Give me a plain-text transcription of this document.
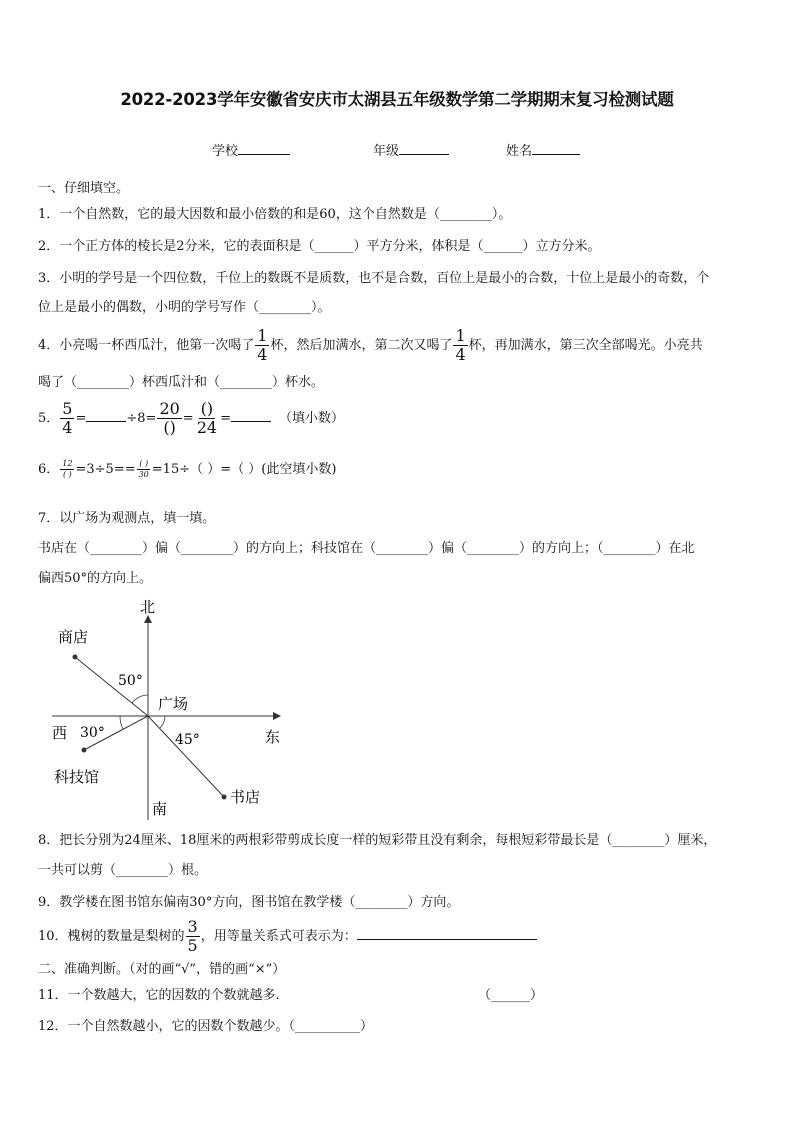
2022-2023学年安徽省安庆市太湖县五年级数学第二学期期末复习检测试题
学校	年级	姓名
一、仔细填空。
1．一个自然数，它的最大因数和最小倍数的和是60，这个自然数是（________）。
2．一个正方体的棱长是2分米，它的表面积是（______）平方分米，体积是（______）立方分米。
3．小明的学号是一个四位数，千位上的数既不是质数，也不是合数，百位上是最小的合数，十位上是最小的奇数，个
位上是最小的偶数，小明的学号写作（________）。
4．小亮喝一杯西瓜汁，他第一次喝了 $\frac{1}{4}$ 杯，然后加满水，第二次又喝了 $\frac{1}{4}$ 杯，再加满水，第三次全部喝光。小亮共
喝了（________）杯西瓜汁和（________）杯水。
5． $\frac{5}{4}$ =	÷8=
20
() =
()
24 =	（填小数）
6． 12
( ) =3÷5== ( )
30 =15÷（ ）=（ ）(此空填小数)
7．以广场为观测点，填一填。
书店在（________）偏（________）的方向上；科技馆在（________）偏（________）的方向上；（________）在北
偏西50°的方向上。
北
南
西	东
广场
商店
科技馆
书店
50°
30°	45°
8．把长分别为24厘米、18厘米的两根彩带剪成长度一样的短彩带且没有剩余，每根短彩带最长是（________）厘米，
一共可以剪（________）根。
9．教学楼在图书馆东偏南30°方向，图书馆在教学楼（________）方向。
10．槐树的数量是梨树的 $\frac{3}{5}$ ，用等量关系式可表示为：
二、准确判断。（对的画“√”，错的画“×”）
11．一个数越大，它的因数的个数就越多.	（______）
12．一个自然数越小，它的因数个数越少。（__________）
